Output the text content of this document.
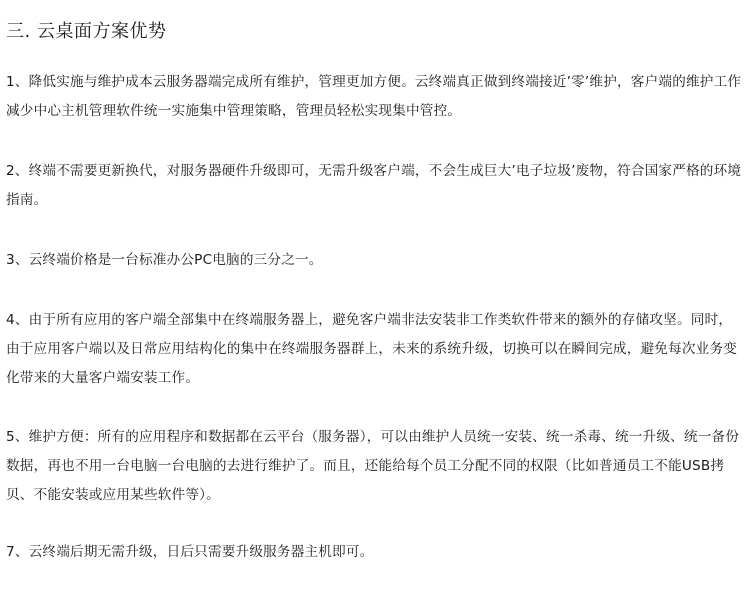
三. 云桌面方案优势

1、降低实施与维护成本云服务器端完成所有维护，管理更加方便。云终端真正做到终端接近’零’维护，客户端的维护工作减少中心主机管理软件统一实施集中管理策略，管理员轻松实现集中管控。

2、终端不需要更新换代，对服务器硬件升级即可，无需升级客户端，不会生成巨大’电子垃圾’废物，符合国家严格的环境指南。

3、云终端价格是一台标准办公PC电脑的三分之一。

4、由于所有应用的客户端全部集中在终端服务器上，避免客户端非法安装非工作类软件带来的额外的存储攻坚。同时，由于应用客户端以及日常应用结构化的集中在终端服务器群上，未来的系统升级，切换可以在瞬间完成，避免每次业务变化带来的大量客户端安装工作。

5、维护方便：所有的应用程序和数据都在云平台（服务器），可以由维护人员统一安装、统一杀毒、统一升级、统一备份数据，再也不用一台电脑一台电脑的去进行维护了。而且，还能给每个员工分配不同的权限（比如普通员工不能USB拷贝、不能安装或应用某些软件等）。

7、云终端后期无需升级，日后只需要升级服务器主机即可。
